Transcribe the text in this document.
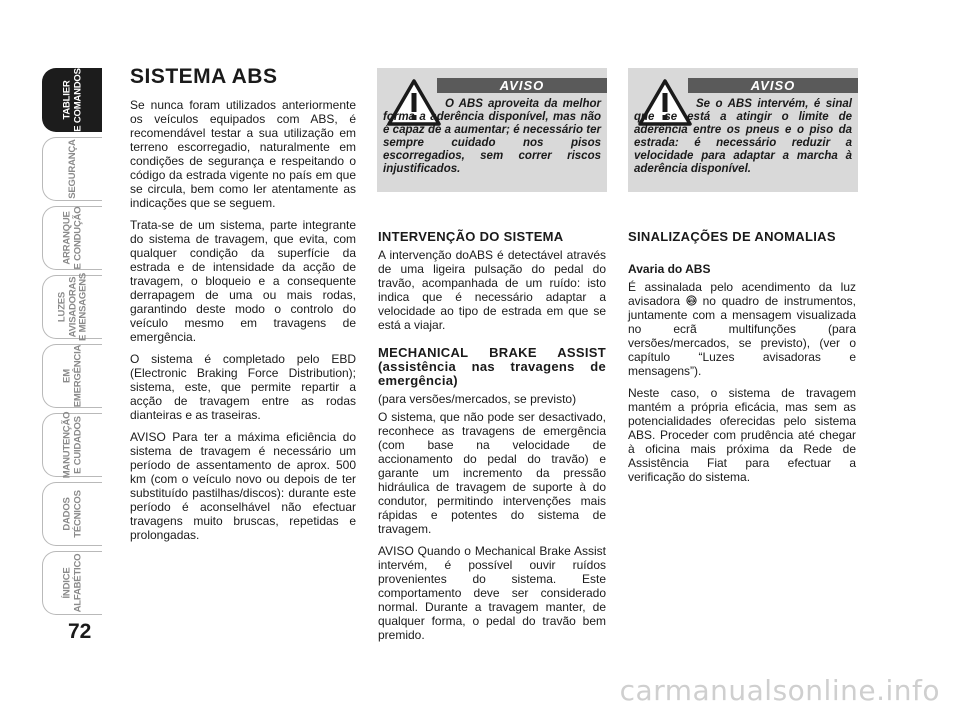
TABLIER
E COMANDOS
SEGURANÇA
ARRANQUE
E CONDUÇÃO
LUZES
AVISADORAS
E MENSAGENS
EM
EMERGÊNCIA
MANUTENÇÃO
E CUIDADOS
DADOS
TÉCNICOS
ÍNDICE
ALFABÉTICO
72
SISTEMA ABS

Se nunca foram utilizados anteriormente os veículos equipados com ABS, é recomendável testar a sua utilização em terreno escorregadio, naturalmente em condições de segurança e respeitando o código da estrada vigente no país em que se circula, bem como ler atentamente as indicações que se seguem.

Trata-se de um sistema, parte integrante do sistema de travagem, que evita, com qualquer condição da superfície da estrada e de intensidade da acção de travagem, o bloqueio e a consequente derrapagem de uma ou mais rodas, garantindo deste modo o controlo do veículo mesmo em travagens de emergência.

O sistema é completado pelo EBD (Electronic Braking Force Distribution); sistema, este, que permite repartir a acção de travagem entre as rodas dianteiras e as traseiras.

AVISO Para ter a máxima eficiência do sistema de travagem é necessário um período de assentamento de aprox. 500 km (com o veículo novo ou depois de ter substituído pastilhas/discos): durante este período é aconselhável não efectuar travagens muito bruscas, repetidas e prolongadas.

AVISO
O ABS aproveita da melhor forma a aderência disponível, mas não é capaz de a aumentar; é necessário ter sempre cuidado nos pisos escorregadios, sem correr riscos injustificados.
AVISO
Se o ABS intervém, é sinal que se está a atingir o limite de aderência entre os pneus e o piso da estrada: é necessário reduzir a velocidade para adaptar a marcha à aderência disponível.
INTERVENÇÃO DO SISTEMA

A intervenção doABS é detectável através de uma ligeira pulsação do pedal do travão, acompanhada de um ruído: isto indica que é necessário adaptar a velocidade ao tipo de estrada em que se está a viajar.

MECHANICAL BRAKE ASSIST (assistência nas travagens de emergência)

(para versões/mercados, se previsto)

O sistema, que não pode ser desactivado, reconhece as travagens de emergência (com base na velocidade de accionamento do pedal do travão) e garante um incremento da pressão hidráulica de travagem de suporte à do condutor, permitindo intervenções mais rápidas e potentes do sistema de travagem.

AVISO Quando o Mechanical Brake Assist intervém, é possível ouvir ruídos provenientes do sistema. Este comportamento deve ser considerado normal. Durante a travagem manter, de qualquer forma, o pedal do travão bem premido.

SINALIZAÇÕES DE ANOMALIAS
Avaria do ABS

É assinalada pelo acendimento da luz avisadora ABS no quadro de instrumentos, juntamente com a mensagem visualizada no ecrã multifunções (para versões/mercados, se previsto), (ver o capítulo “Luzes avisadoras e mensagens”).

Neste caso, o sistema de travagem mantém a própria eficácia, mas sem as potencialidades oferecidas pelo sistema ABS. Proceder com prudência até chegar à oficina mais próxima da Rede de Assistência Fiat para efectuar a verificação do sistema.

carmanualsonline.info
